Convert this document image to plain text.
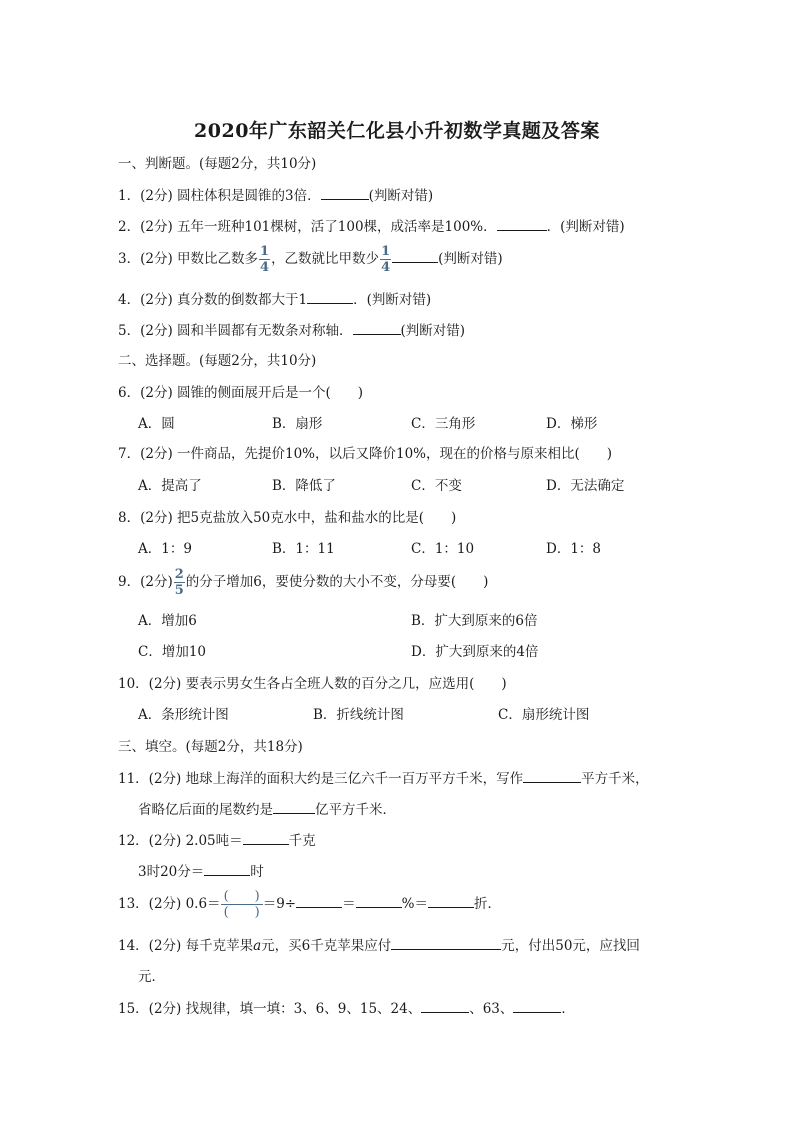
2020年广东韶关仁化县小升初数学真题及答案
一、判断题。(每题2分，共10分)
1．(2分) 圆柱体积是圆锥的3倍．	(判断对错)
2．(2分) 五年一班种101棵树，活了100棵，成活率是100%．	．(判断对错)
3．(2分) 甲数比乙数多 $\frac{1}{4}$ ，乙数就比甲数少 $\frac{1}{4}$	(判断对错)
4．(2分) 真分数的倒数都大于1	．(判断对错)
5．(2分) 圆和半圆都有无数条对称轴．	(判断对错)
二、选择题。(每题2分，共10分)
6．(2分) 圆锥的侧面展开后是一个(　　)
A．圆	B．扇形	C．三角形	D．梯形
7．(2分) 一件商品，先提价10%，以后又降价10%，现在的价格与原来相比(　　)
A．提高了	B．降低了	C．不变	D．无法确定
8．(2分) 把5克盐放入50克水中，盐和盐水的比是(　　)
A．1：9	B．1：11	C．1：10	D．1：8
9．(2分) $\frac{2}{5}$ 的分子增加6，要使分数的大小不变，分母要(　　)
A．增加6	B．扩大到原来的6倍
C．增加10	D．扩大到原来的4倍
10．(2分) 要表示男女生各占全班人数的百分之几，应选用(　　)
A．条形统计图	B．折线统计图	C．扇形统计图
三、填空。(每题2分，共18分)
11．(2分) 地球上海洋的面积大约是三亿六千一百万平方千米，写作	平方千米，
省略亿后面的尾数约是	亿平方千米．
12．(2分) 2.05吨＝	千克
3时20分＝	时
13．(2分) $0.6= \frac{( )}{( )} =9\div$	＝	%＝	折．
14．(2分) 每千克苹果a元，买6千克苹果应付	元，付出50元，应找回
元．
15．(2分) 找规律，填一填：3、6、9、15、24、	、63、	．
